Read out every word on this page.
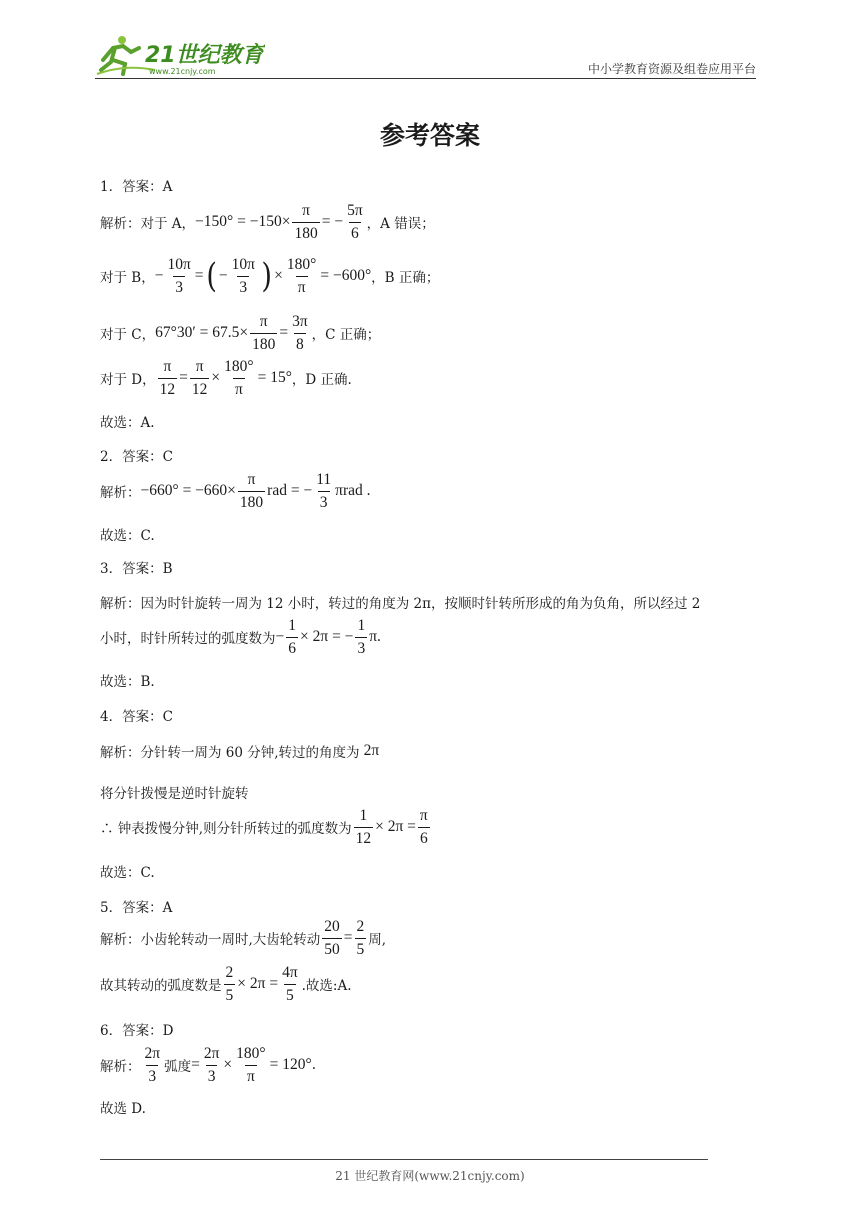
21世纪教育
www.21cnjy.com	中小学教育资源及组卷应用平台
参考答案
1．答案：A
解析：对于 A， $-150^\circ = -150\times \frac{\pi}{180}$ = − $\frac{5\pi}{6}$ ，A 错误；
对于 B， − $\frac{10\pi}{3}$ = ( − $\frac{10\pi}{3}$ ) × $\frac{180^\circ}{\pi} = -600^\circ$ ，B 正确；
对于 C， $67^\circ 30' = 67.5\times \frac{\pi}{180} = \frac{3\pi}{8}$ ，C 正确；
对于 D， $\frac{\pi}{12} = \frac{\pi}{12} \times \frac{180^\circ}{\pi} = 15^\circ$ ，D 正确.
故选：A.
2．答案：C
解析： $-660^\circ = -660\times \frac{\pi}{180}$ rad = − $\frac{11}{3}$ πrad .
故选：C.
3．答案：B
解析：因为时针旋转一周为 12 小时，转过的角度为 2π，按顺时针转所形成的角为负角，所以经过 2
小时，时针所转过的弧度数为 − $\frac{1}{6} \times 2\pi$ = − $\frac{1}{3} \pi$.
故选：B.
4．答案：C
解析：分针转一周为 60 分钟,转过的角度为 2π
将分针拨慢是逆时针旋转
∴ 钟表拨慢分钟,则分针所转过的弧度数为 $\frac{1}{12} \times 2\pi = \frac{\pi}{6}$
故选：C.
5．答案：A
解析：小齿轮转动一周时,大齿轮转动 $\frac{20}{50} = \frac{2}{5}$ 周,
故其转动的弧度数是 $\frac{2}{5} \times 2\pi = \frac{4\pi}{5}$ .故选:A.
6．答案：D
解析： $\frac{2\pi}{3}$ 弧度 = $\frac{2\pi}{3} \times \frac{180^\circ}{\pi} = 120^\circ$ .
故选 D.
21 世纪教育网(www.21cnjy.com)
